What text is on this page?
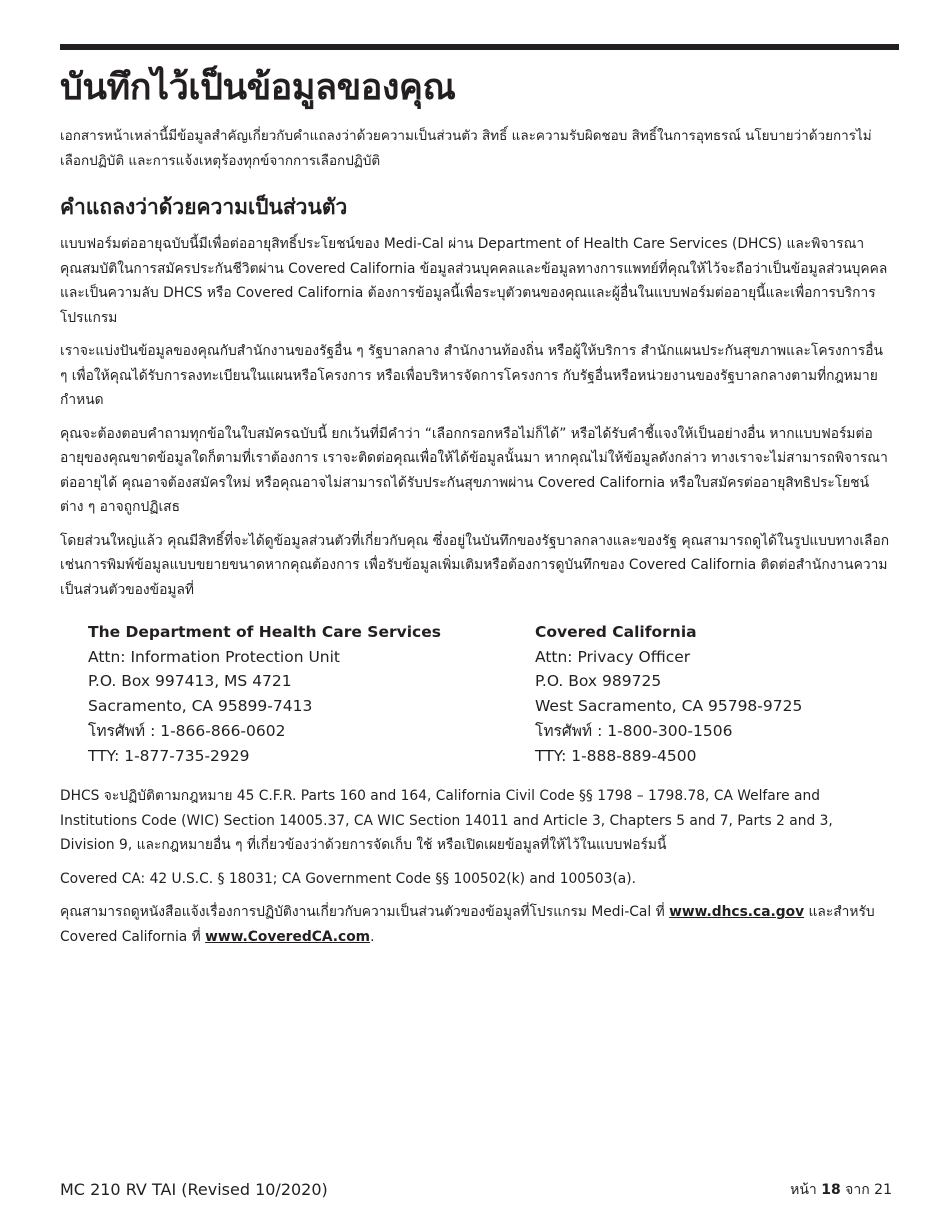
บันทึกไว้เป็นข้อมูลของคุณ

เอกสารหน้าเหล่านี้มีข้อมูลสำคัญเกี่ยวกับคำแถลงว่าด้วยความเป็นส่วนตัว สิทธิ์ และความรับผิดชอบ สิทธิ์ในการอุทธรณ์ นโยบายว่าด้วยการไม่เลือกปฏิบัติ และการแจ้งเหตุร้องทุกข์จากการเลือกปฏิบัติ

คำแถลงว่าด้วยความเป็นส่วนตัว

แบบฟอร์มต่ออายุฉบับนี้มีเพื่อต่ออายุสิทธิ์ประโยชน์ของ Medi-Cal ผ่าน Department of Health Care Services (DHCS) และพิจารณาคุณสมบัติในการสมัครประกันชีวิตผ่าน Covered California ข้อมูลส่วนบุคคลและข้อมูลทางการแพทย์ที่คุณให้ไว้จะถือว่าเป็นข้อมูลส่วนบุคคลและเป็นความลับ DHCS หรือ Covered California ต้องการข้อมูลนี้เพื่อระบุตัวตนของคุณและผู้อื่นในแบบฟอร์มต่ออายุนี้และเพื่อการบริการโปรแกรม

เราจะแบ่งปันข้อมูลของคุณกับสำนักงานของรัฐอื่น ๆ รัฐบาลกลาง สำนักงานท้องถิ่น หรือผู้ให้บริการ สำนักแผนประกันสุขภาพและโครงการอื่น ๆ เพื่อให้คุณได้รับการลงทะเบียนในแผนหรือโครงการ หรือเพื่อบริหารจัดการโครงการ กับรัฐอื่นหรือหน่วยงานของรัฐบาลกลางตามที่กฎหมายกำหนด

คุณจะต้องตอบคำถามทุกข้อในใบสมัครฉบับนี้ ยกเว้นที่มีคำว่า “เลือกกรอกหรือไม่ก็ได้” หรือได้รับคำชี้แจงให้เป็นอย่างอื่น หากแบบฟอร์มต่ออายุของคุณขาดข้อมูลใดก็ตามที่เราต้องการ เราจะติดต่อคุณเพื่อให้ได้ข้อมูลนั้นมา หากคุณไม่ให้ข้อมูลดังกล่าว ทางเราจะไม่สามารถพิจารณาต่ออายุได้ คุณอาจต้องสมัครใหม่ หรือคุณอาจไม่สามารถได้รับประกันสุขภาพผ่าน Covered California หรือใบสมัครต่ออายุสิทธิประโยชน์ต่าง ๆ อาจถูกปฏิเสธ

โดยส่วนใหญ่แล้ว คุณมีสิทธิ์ที่จะได้ดูข้อมูลส่วนตัวที่เกี่ยวกับคุณ ซึ่งอยู่ในบันทึกของรัฐบาลกลางและของรัฐ คุณสามารถดูได้ในรูปแบบทางเลือกเช่นการพิมพ์ข้อมูลแบบขยายขนาดหากคุณต้องการ เพื่อรับข้อมูลเพิ่มเติมหรือต้องการดูบันทึกของ Covered California ติดต่อสำนักงานความเป็นส่วนตัวของข้อมูลที่

The Department of Health Care Services
Attn: Information Protection Unit
P.O. Box 997413, MS 4721
Sacramento, CA 95899-7413
โทรศัพท์ : 1-866-866-0602
TTY: 1-877-735-2929
Covered California
Attn: Privacy Officer
P.O. Box 989725
West Sacramento, CA 95798-9725
โทรศัพท์ : 1-800-300-1506
TTY: 1-888-889-4500

DHCS จะปฏิบัติตามกฎหมาย 45 C.F.R. Parts 160 and 164, California Civil Code §§ 1798 – 1798.78, CA Welfare and Institutions Code (WIC) Section 14005.37, CA WIC Section 14011 and Article 3, Chapters 5 and 7, Parts 2 and 3, Division 9, และกฎหมายอื่น ๆ ที่เกี่ยวข้องว่าด้วยการจัดเก็บ ใช้ หรือเปิดเผยข้อมูลที่ให้ไว้ในแบบฟอร์มนี้

Covered CA: 42 U.S.C. § 18031; CA Government Code §§ 100502(k) and 100503(a).

คุณสามารถดูหนังสือแจ้งเรื่องการปฏิบัติงานเกี่ยวกับความเป็นส่วนตัวของข้อมูลที่โปรแกรม Medi-Cal ที่ www.dhcs.ca.gov และสำหรับ Covered California ที่ www.CoveredCA.com.

MC 210 RV TAI (Revised 10/2020)	หน้า 18 จาก 21
